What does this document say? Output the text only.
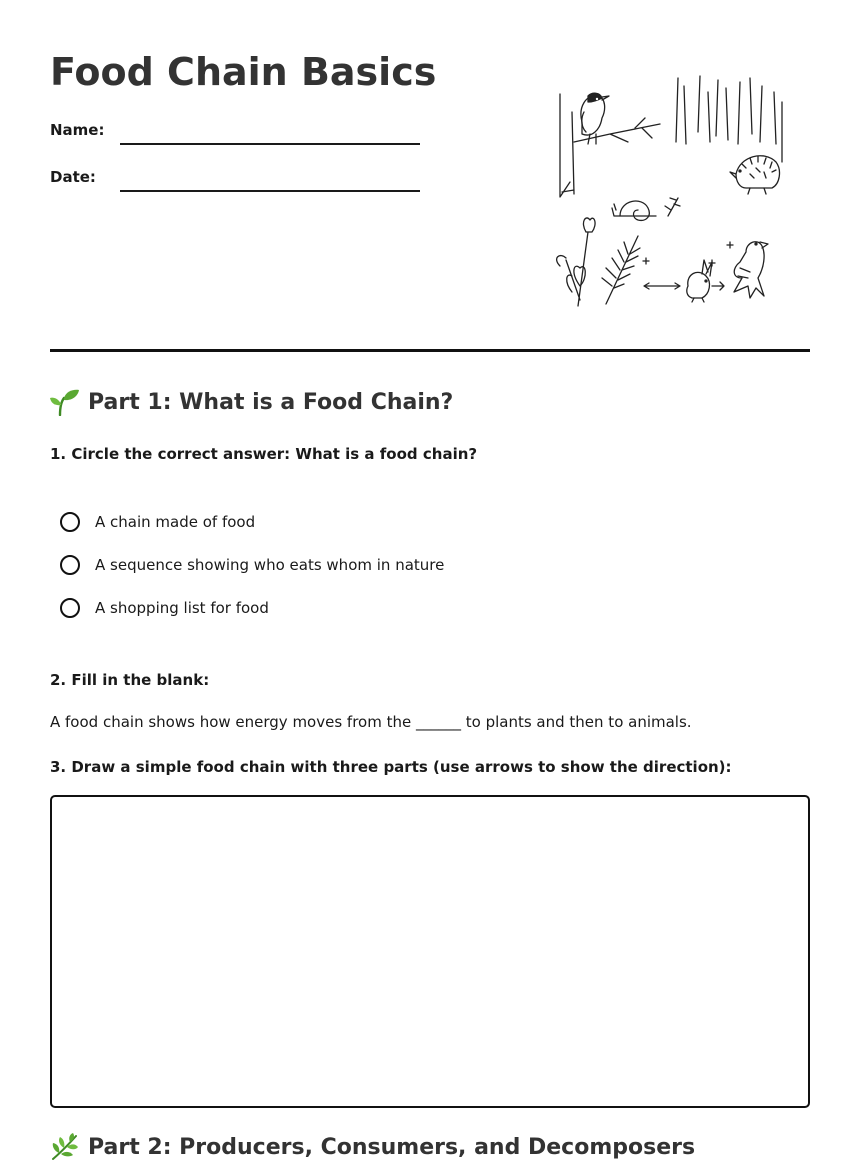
Food Chain Basics
Name:
Date:
Part 1: What is a Food Chain?
1. Circle the correct answer: What is a food chain?
A chain made of food
A sequence showing who eats whom in nature
A shopping list for food
2. Fill in the blank:
A food chain shows how energy moves from the ______ to plants and then to animals.
3. Draw a simple food chain with three parts (use arrows to show the direction):
Part 2: Producers, Consumers, and Decomposers
